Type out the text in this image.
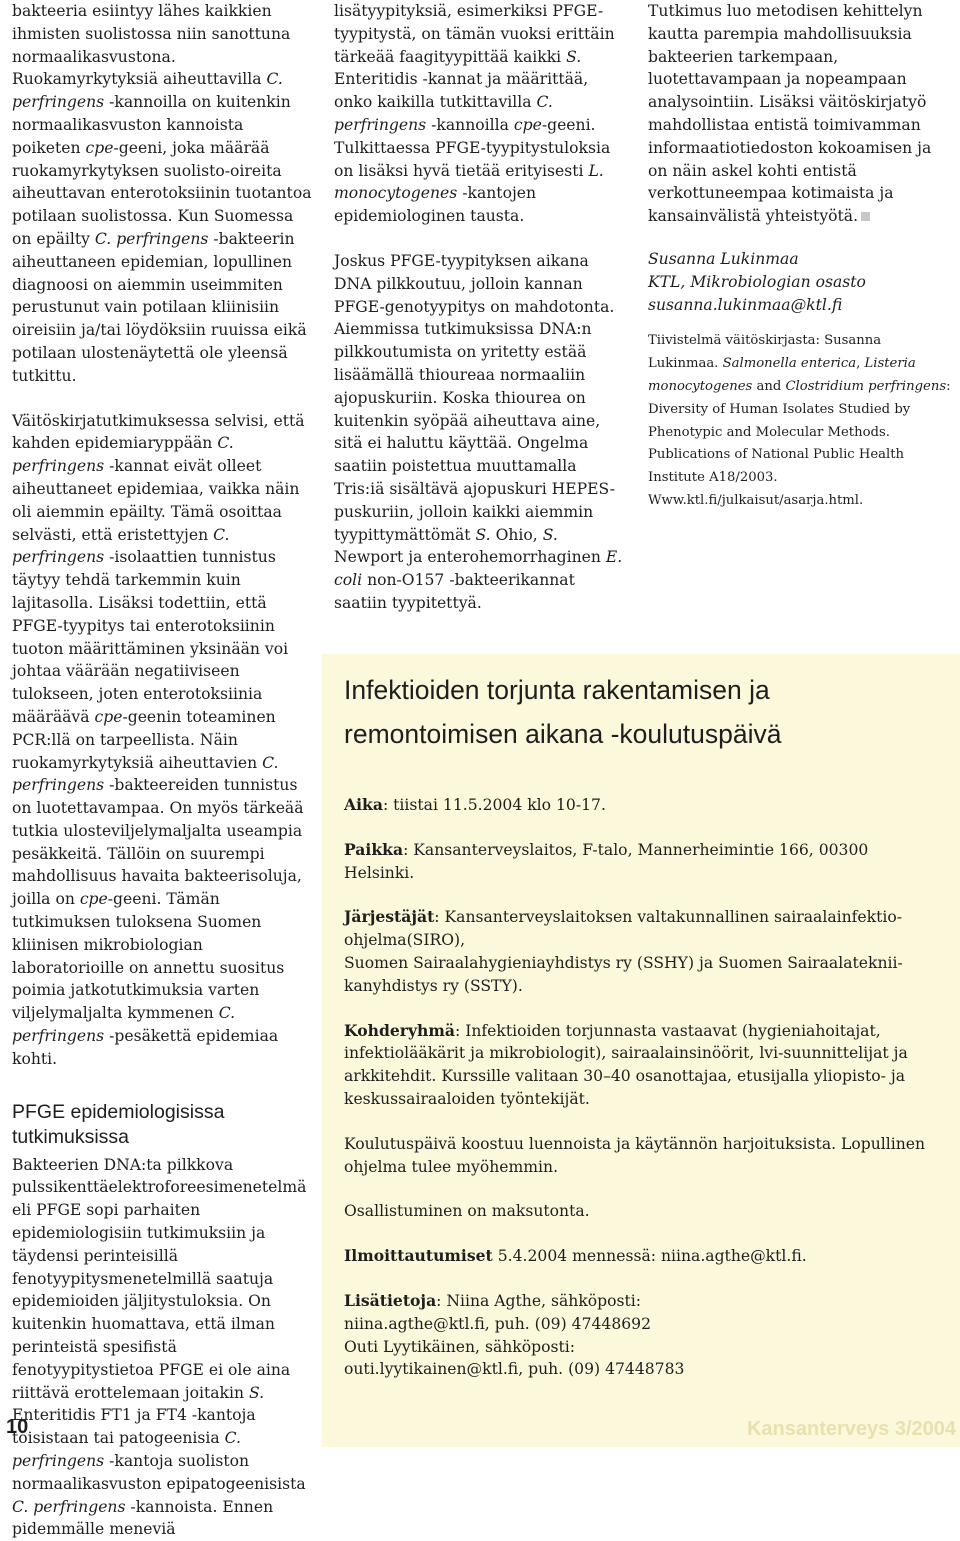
bakteeria esiintyy lähes kaikkien ihmisten suolistossa niin sanottuna normaalikasvustona. Ruokamyrkytyksiä aiheuttavilla C. perfringens -kannoilla on kuitenkin normaalikasvuston kannoista poiketen cpe-geeni, joka määrää ruokamyrkytyksen suolisto-oireita aiheuttavan enterotoksiinin tuotantoa potilaan suolistossa. Kun Suomessa on epäilty C. perfringens -bakteerin aiheuttaneen epidemian, lopullinen diagnoosi on aiemmin useimmiten perustunut vain potilaan kliinisiin oireisiin ja/tai löydöksiin ruuissa eikä potilaan ulostenäytettä ole yleensä tutkittu.

Väitöskirjatutkimuksessa selvisi, että kahden epidemiaryppään C. perfringens -kannat eivät olleet aiheuttaneet epidemiaa, vaikka näin oli aiemmin epäilty. Tämä osoittaa selvästi, että eristettyjen C. perfringens -isolaattien tunnistus täytyy tehdä tarkemmin kuin lajitasolla. Lisäksi todettiin, että PFGE-tyypitys tai enterotoksiinin tuoton määrittäminen yksinään voi johtaa väärään negatiiviseen tulokseen, joten enterotoksiinia määräävä cpe-geenin toteaminen PCR:llä on tarpeellista. Näin ruokamyrkytyksiä aiheuttavien C. perfringens -bakteereiden tunnistus on luotettavampaa. On myös tärkeää tutkia ulosteviljelymaljalta useampia pesäkkeitä. Tällöin on suurempi mahdollisuus havaita bakteerisoluja, joilla on cpe-geeni. Tämän tutkimuksen tuloksena Suomen kliinisen mikrobiologian laboratorioille on annettu suositus poimia jatkotutkimuksia varten viljelymaljalta kymmenen C. perfringens -pesäkettä epidemiaa kohti.

PFGE epidemiologisissa tutkimuksissa

Bakteerien DNA:ta pilkkova pulssikenttäelektroforeesimenetelmä eli PFGE sopi parhaiten epidemiologisiin tutkimuksiin ja täydensi perinteisillä fenotyypitysmenetelmillä saatuja epidemioiden jäljitystuloksia. On kuitenkin huomattava, että ilman perinteistä spesifistä fenotyypitystietoa PFGE ei ole aina riittävä erottelemaan joitakin S. Enteritidis FT1 ja FT4 -kantoja toisistaan tai patogeenisia C. perfringens -kantoja suoliston normaalikasvuston epipatogeenisista C. perfringens -kannoista. Ennen pidemmälle meneviä

lisätyypityksiä, esimerkiksi PFGE-tyypitystä, on tämän vuoksi erittäin tärkeää faagityypittää kaikki S. Enteritidis -kannat ja määrittää, onko kaikilla tutkittavilla C. perfringens -kannoilla cpe-geeni. Tulkittaessa PFGE-tyypitystuloksia on lisäksi hyvä tietää erityisesti L. monocytogenes -kantojen epidemiologinen tausta.

Joskus PFGE-tyypityksen aikana DNA pilkkoutuu, jolloin kannan PFGE-genotyypitys on mahdotonta. Aiemmissa tutkimuksissa DNA:n pilkkoutumista on yritetty estää lisäämällä thioureaa normaaliin ajopuskuriin. Koska thiourea on kuitenkin syöpää aiheuttava aine, sitä ei haluttu käyttää. Ongelma saatiin poistettua muuttamalla Tris:iä sisältävä ajopuskuri HEPES-puskuriin, jolloin kaikki aiemmin tyypittymättömät S. Ohio, S. Newport ja enterohemorrhaginen E. coli non-O157 -bakteerikannat saatiin tyypitettyä.

Tutkimus luo metodisen kehittelyn kautta parempia mahdollisuuksia bakteerien tarkempaan, luotettavampaan ja nopeampaan analysointiin. Lisäksi väitöskirjatyö mahdollistaa entistä toimivamman informaatiotiedoston kokoamisen ja on näin askel kohti entistä verkottuneempaa kotimaista ja kansainvälistä yhteistyötä.

Susanna Lukinmaa
KTL, Mikrobiologian osasto
susanna.lukinmaa@ktl.fi

Tiivistelmä väitöskirjasta: Susanna Lukinmaa. Salmonella enterica, Listeria monocytogenes and Clostridium perfringens: Diversity of Human Isolates Studied by Phenotypic and Molecular Methods. Publications of National Public Health Institute A18/2003. Www.ktl.fi/julkaisut/asarja.html.

Infektioiden torjunta rakentamisen ja
remontoimisen aikana -koulutuspäivä
Aika: tiistai 11.5.2004 klo 10-17.
Paikka: Kansanterveyslaitos, F-talo, Mannerheimintie 166, 00300 Helsinki.
Järjestäjät: Kansanterveyslaitoksen valtakunnallinen sairaalainfektioohjelma(SIRO),
Suomen Sairaalahygieniayhdistys ry (SSHY) ja Suomen Sairaalatekniikanyhdistys ry (SSTY).
Kohderyhmä: Infektioiden torjunnasta vastaavat (hygieniahoitajat, infektiolääkärit ja mikrobiologit), sairaalainsinöörit, lvi-suunnittelijat ja arkkitehdit. Kurssille valitaan 30–40 osanottajaa, etusijalla yliopisto- ja keskussairaaloiden työntekijät.
Koulutuspäivä koostuu luennoista ja käytännön harjoituksista. Lopullinen ohjelma tulee myöhemmin.
Osallistuminen on maksutonta.
Ilmoittautumiset 5.4.2004 mennessä: niina.agthe@ktl.fi.
Lisätietoja: Niina Agthe, sähköposti:
niina.agthe@ktl.fi, puh. (09) 47448692
Outi Lyytikäinen, sähköposti:
outi.lyytikainen@ktl.fi, puh. (09) 47448783
10	Kansanterveys 3/2004
